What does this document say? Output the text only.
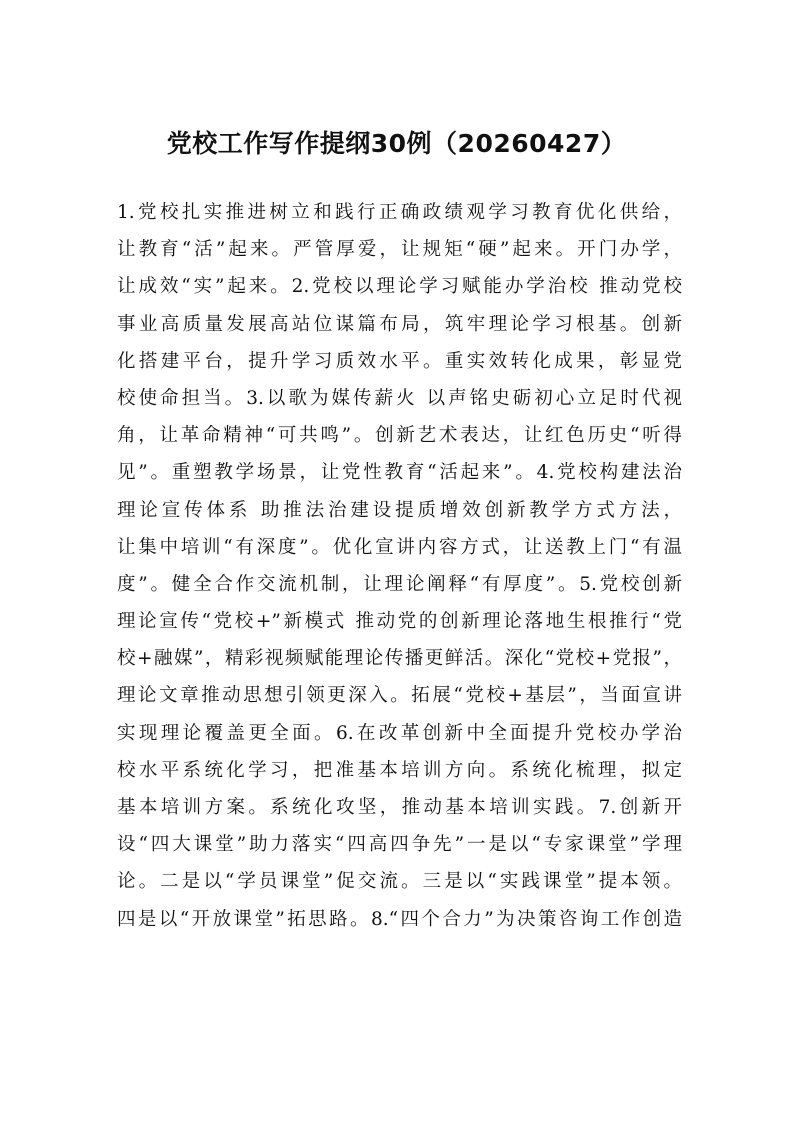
党校工作写作提纲30例（20260427）
1.党校扎实推进树立和践行正确政绩观学习教育优化供给，
让教育“活”起来。严管厚爱，让规矩“硬”起来。开门办学，
让成效“实”起来。2.党校以理论学习赋能办学治校 推动党校
事业高质量发展高站位谋篇布局，筑牢理论学习根基。创新
化搭建平台，提升学习质效水平。重实效转化成果，彰显党
校使命担当。3.以歌为媒传薪火 以声铭史砺初心立足时代视
角，让革命精神“可共鸣”。创新艺术表达，让红色历史“听得
见”。重塑教学场景，让党性教育“活起来”。4.党校构建法治
理论宣传体系 助推法治建设提质增效创新教学方式方法，
让集中培训“有深度”。优化宣讲内容方式，让送教上门“有温
度”。健全合作交流机制，让理论阐释“有厚度”。5.党校创新
理论宣传“党校+”新模式 推动党的创新理论落地生根推行“党
校+融媒”，精彩视频赋能理论传播更鲜活。深化“党校+党报”，
理论文章推动思想引领更深入。拓展“党校+基层”，当面宣讲
实现理论覆盖更全面。6.在改革创新中全面提升党校办学治
校水平系统化学习，把准基本培训方向。系统化梳理，拟定
基本培训方案。系统化攻坚，推动基本培训实践。7.创新开
设“四大课堂”助力落实“四高四争先”一是以“专家课堂”学理
论。二是以“学员课堂”促交流。三是以“实践课堂”提本领。
四是以“开放课堂”拓思路。8.“四个合力”为决策咨询工作创造
